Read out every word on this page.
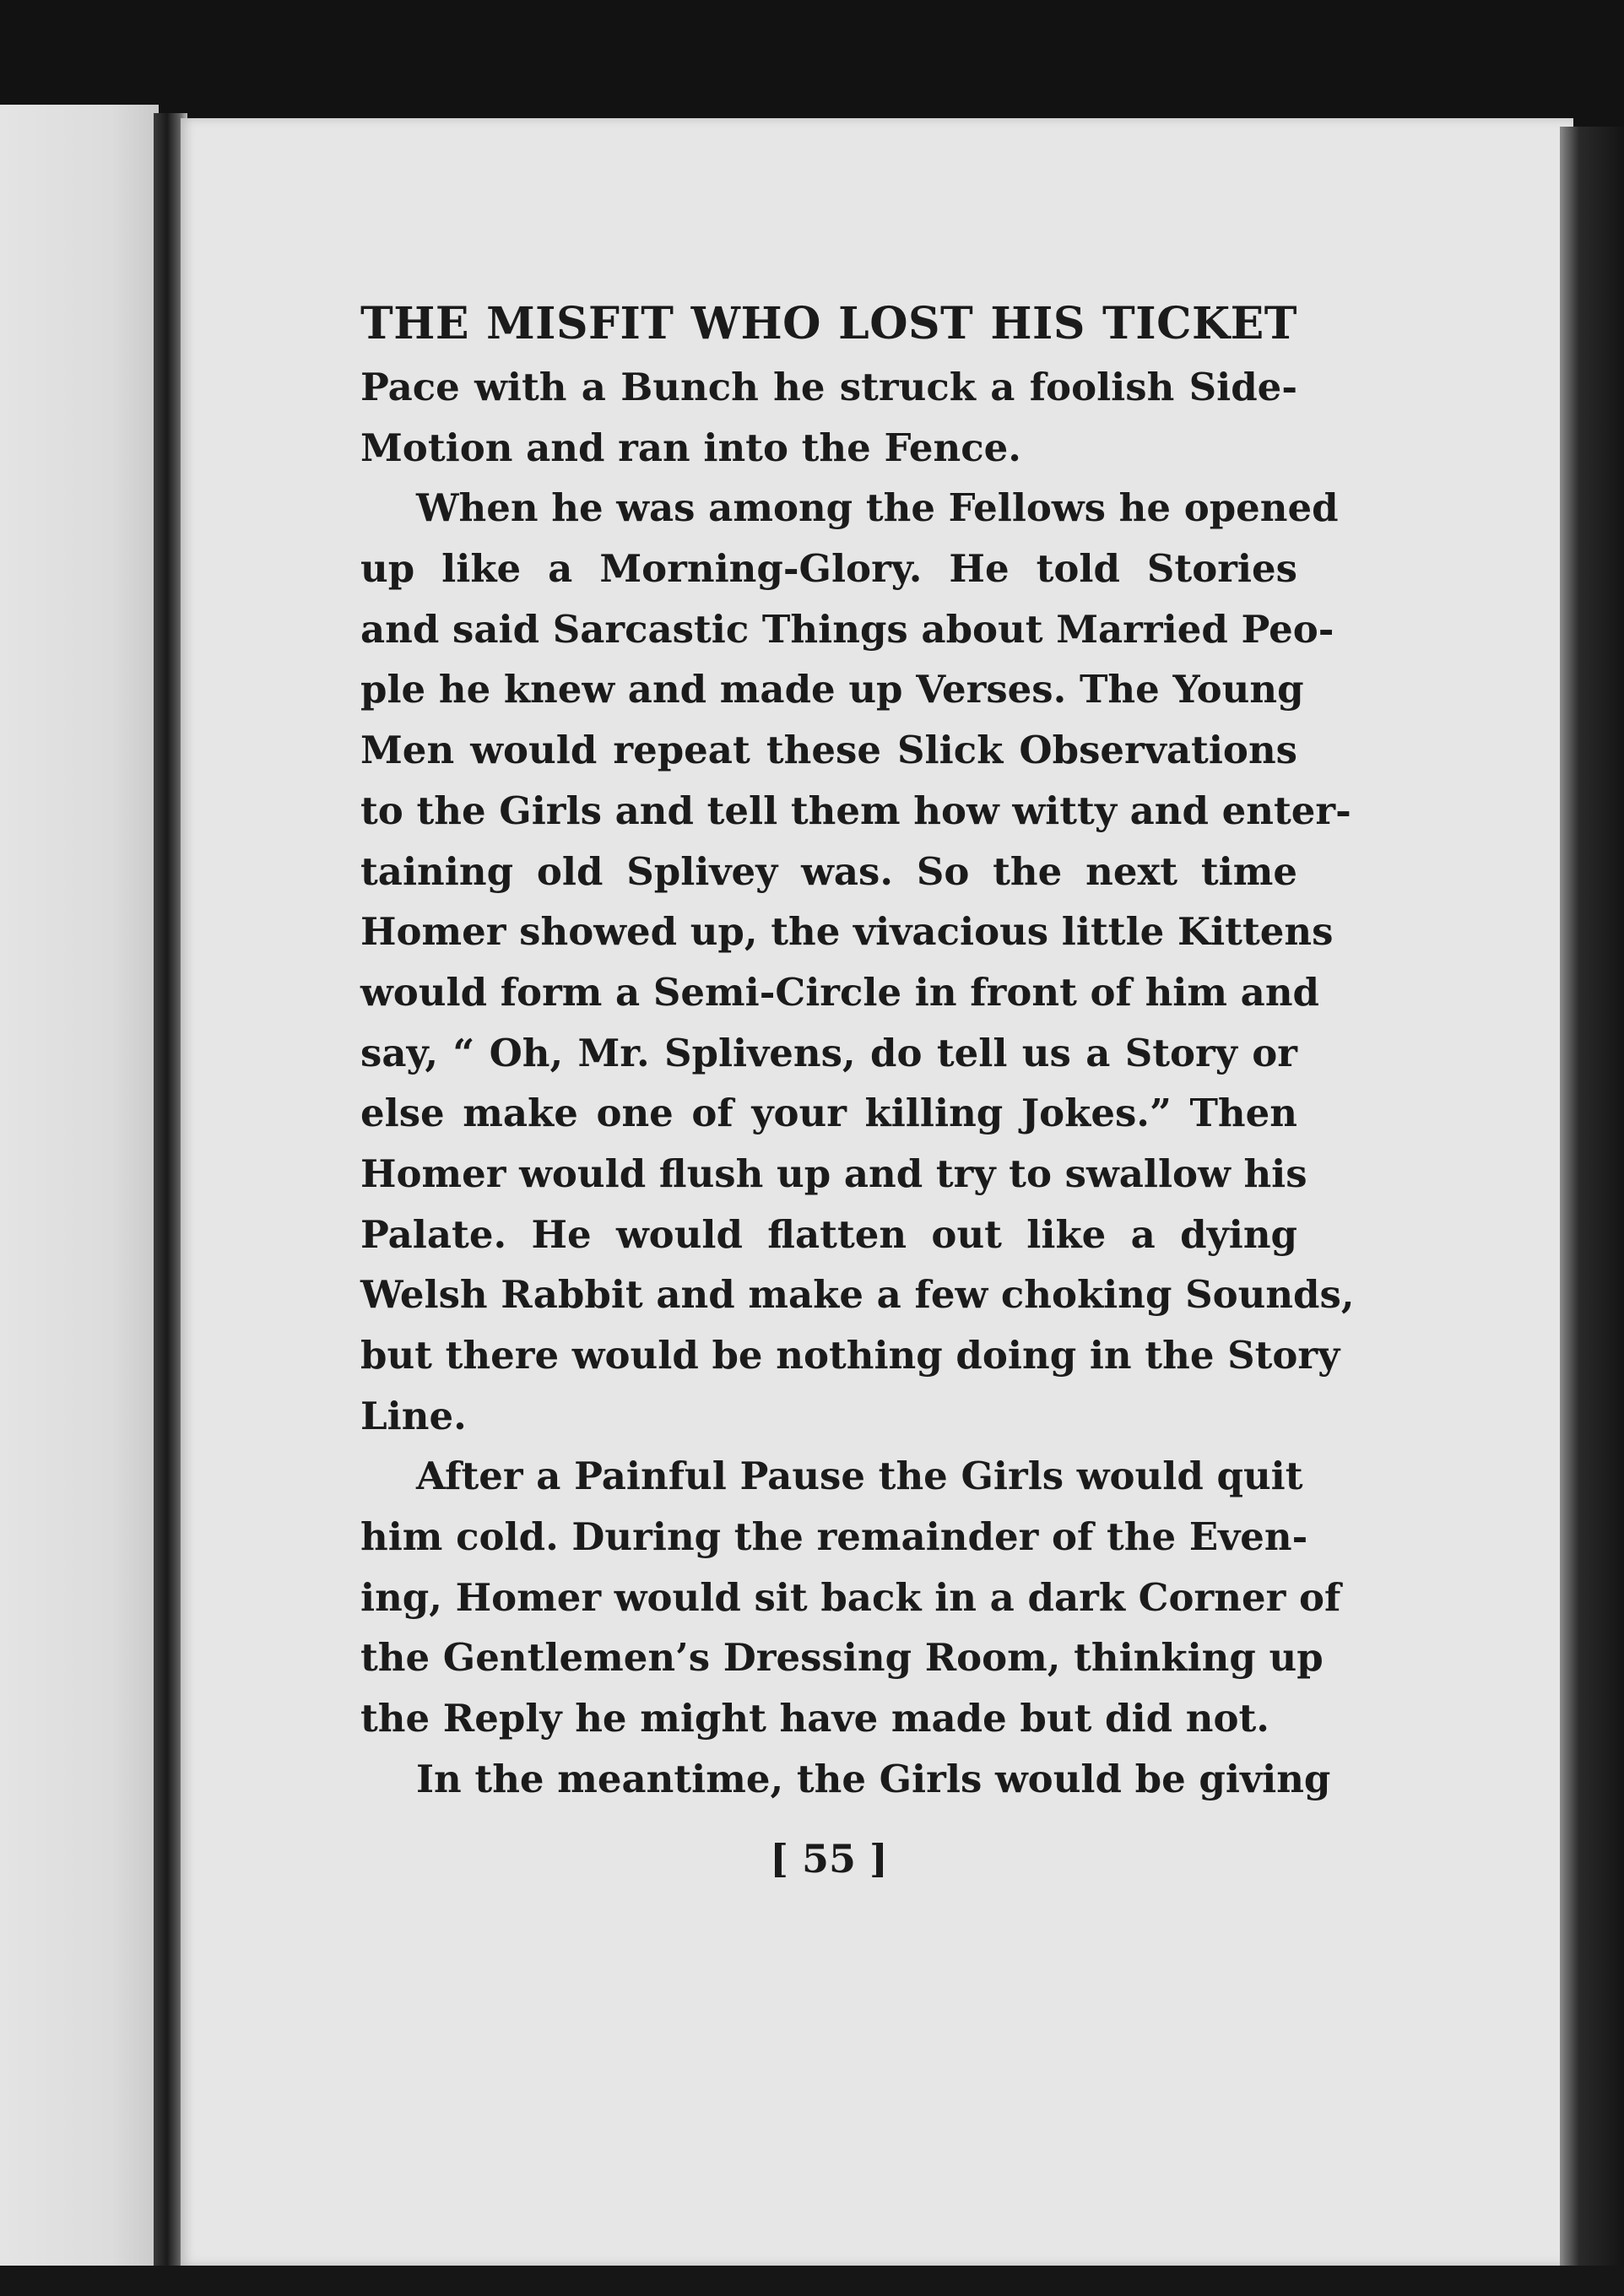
THE MISFIT WHO LOST HIS TICKET
Pace with a Bunch he struck a foolish Side-
Motion and ran into the Fence.
When he was among the Fellows he opened
up like a Morning-Glory. He told Stories
and said Sarcastic Things about Married Peo-
ple he knew and made up Verses. The Young
Men would repeat these Slick Observations
to the Girls and tell them how witty and enter-
taining old Splivey was. So the next time
Homer showed up, the vivacious little Kittens
would form a Semi-Circle in front of him and
say, “ Oh, Mr. Splivens, do tell us a Story or
else make one of your killing Jokes.” Then
Homer would flush up and try to swallow his
Palate. He would flatten out like a dying
Welsh Rabbit and make a few choking Sounds,
but there would be nothing doing in the Story
Line.
After a Painful Pause the Girls would quit
him cold. During the remainder of the Even-
ing, Homer would sit back in a dark Corner of
the Gentlemen’s Dressing Room, thinking up
the Reply he might have made but did not.
In the meantime, the Girls would be giving
[ 55 ]
